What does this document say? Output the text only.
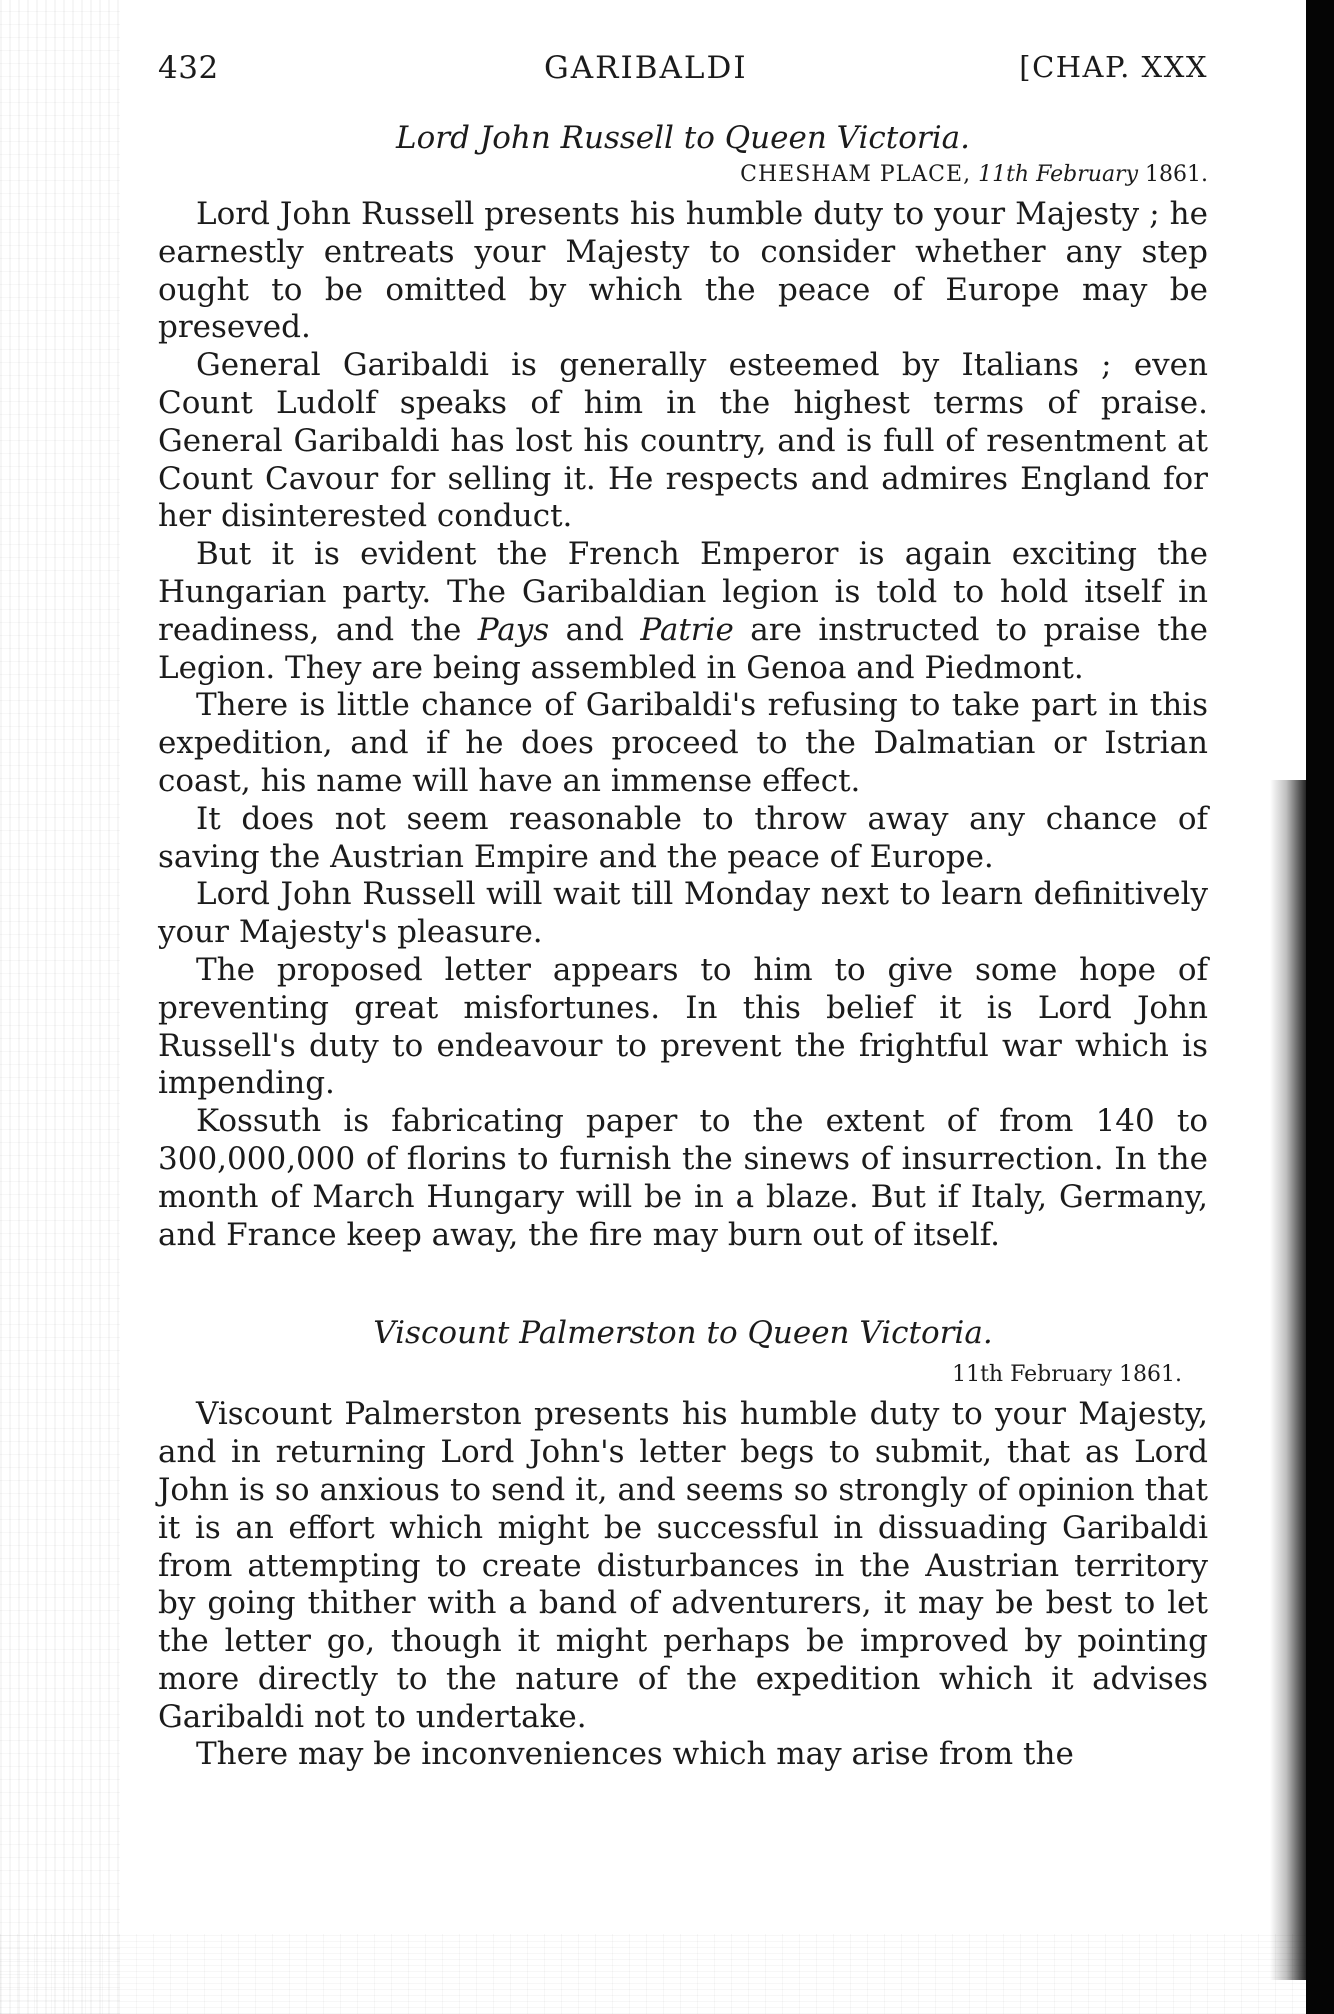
432	GARIBALDI	[CHAP. XXX
Lord John Russell to Queen Victoria.
CHESHAM PLACE, 11th February 1861.

Lord John Russell presents his humble duty to your Majesty ; he earnestly entreats your Majesty to consider whether any step ought to be omitted by which the peace of Europe may be preseved.

General Garibaldi is generally esteemed by Italians ; even Count Ludolf speaks of him in the highest terms of praise. General Garibaldi has lost his country, and is full of resentment at Count Cavour for selling it. He respects and admires England for her disinterested conduct.

But it is evident the French Emperor is again exciting the Hungarian party. The Garibaldian legion is told to hold itself in readiness, and the Pays and Patrie are instructed to praise the Legion. They are being assembled in Genoa and Piedmont.

There is little chance of Garibaldi's refusing to take part in this expedition, and if he does proceed to the Dalmatian or Istrian coast, his name will have an immense effect.

It does not seem reasonable to throw away any chance of saving the Austrian Empire and the peace of Europe.

Lord John Russell will wait till Monday next to learn definitively your Majesty's pleasure.

The proposed letter appears to him to give some hope of preventing great misfortunes. In this belief it is Lord John Russell's duty to endeavour to prevent the frightful war which is impending.

Kossuth is fabricating paper to the extent of from 140 to 300,000,000 of florins to furnish the sinews of insurrection. In the month of March Hungary will be in a blaze. But if Italy, Germany, and France keep away, the fire may burn out of itself.

Viscount Palmerston to Queen Victoria.
11th February 1861.

Viscount Palmerston presents his humble duty to your Majesty, and in returning Lord John's letter begs to submit, that as Lord John is so anxious to send it, and seems so strongly of opinion that it is an effort which might be successful in dissuading Garibaldi from attempting to create disturbances in the Austrian territory by going thither with a band of adventurers, it may be best to let the letter go, though it might perhaps be improved by pointing more directly to the nature of the expedition which it advises Garibaldi not to undertake.

There may be inconveniences which may arise from the
